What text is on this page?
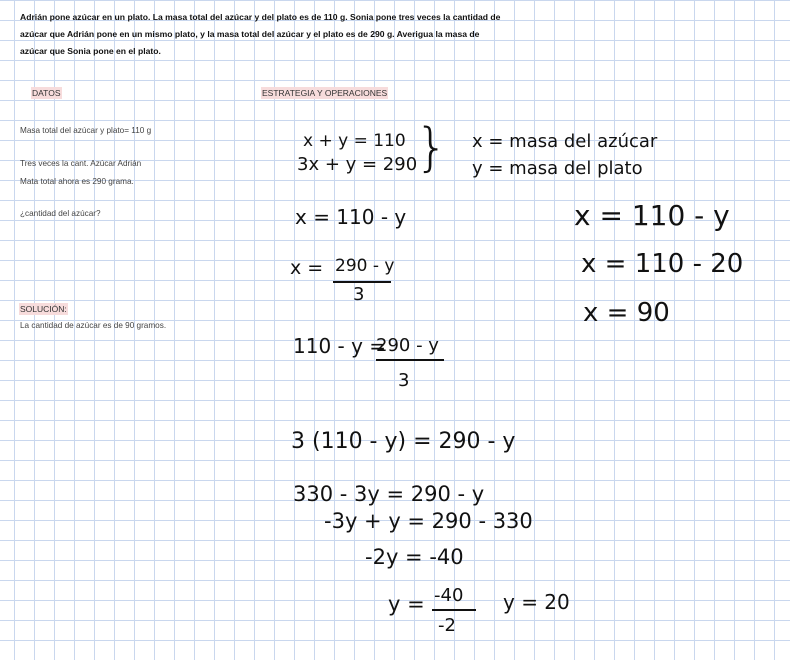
Adrián pone azúcar en un plato. La masa total del azúcar y del plato es de 110 g. Sonia pone tres veces la cantidad de
azúcar que Adrián pone en un mismo plato, y la masa total del azúcar y el plato es de 290 g. Averigua la masa de
azúcar que Sonia pone en el plato.
DATOS	ESTRATEGIA Y OPERACIONES
Masa total del azúcar y plato= 110 g
Tres veces la cant. Azúcar Adrián
Mata total ahora es 290 grama.
¿cantidad del azúcar?
SOLUCIÓN:
La cantidad de azúcar es de 90 gramos.
x + y = 110
3x + y = 290
} x = masa del azúcar
y = masa del plato
x = 110 - y
x = 290 - y
3
110 - y =
290 - y
3
3 (110 - y) = 290 - y
330 - 3y = 290 - y
-3y + y = 290 - 330
-2y = -40
y = -40
-2
y = 20
x = 110 - y
x = 110 - 20
x = 90
